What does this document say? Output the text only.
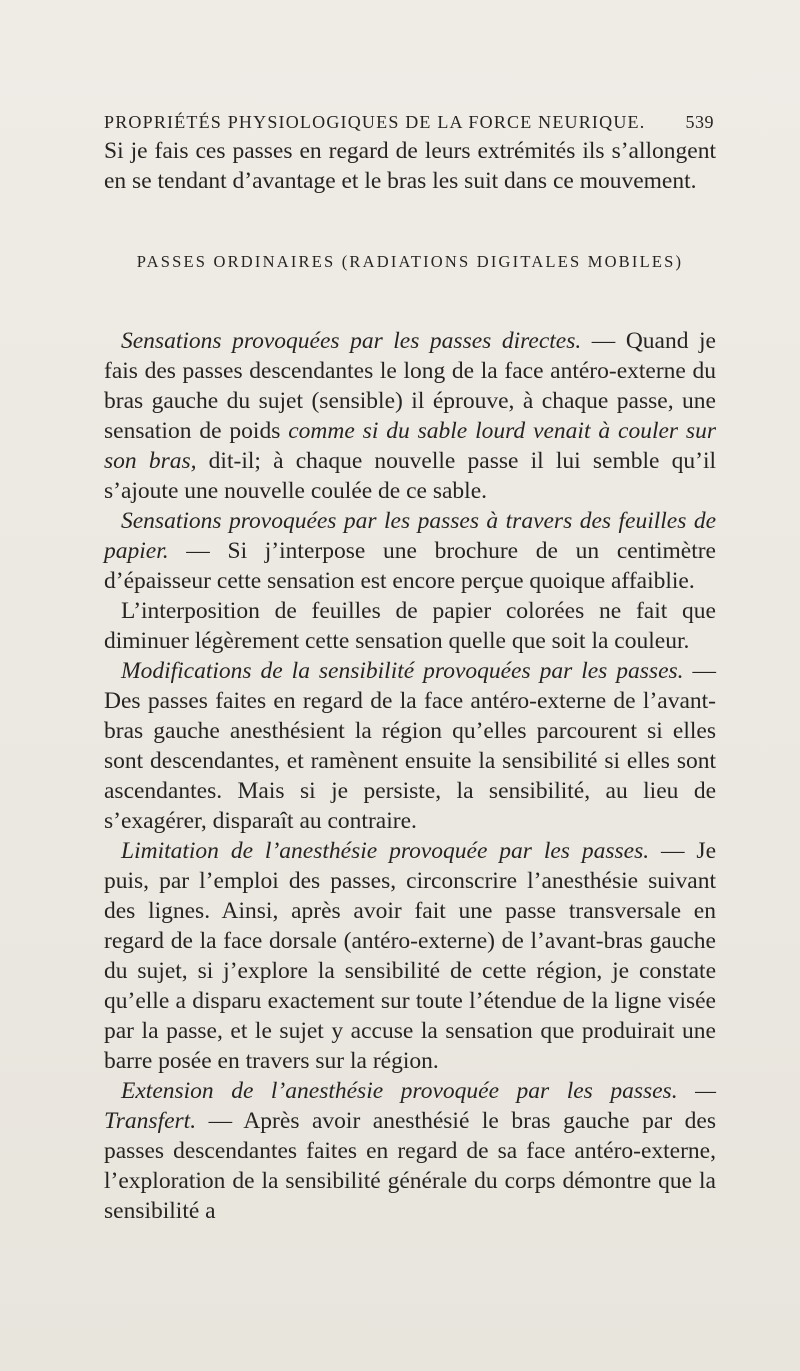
PROPRIÉTÉS PHYSIOLOGIQUES DE LA FORCE NEURIQUE. 539

Si je fais ces passes en regard de leurs extrémités ils s’allongent en se tendant d’avantage et le bras les suit dans ce mouvement.

PASSES ORDINAIRES (RADIATIONS DIGITALES MOBILES)

Sensations provoquées par les passes directes. — Quand je fais des passes descendantes le long de la face antéro-externe du bras gauche du sujet (sensible) il éprouve, à chaque passe, une sensation de poids comme si du sable lourd venait à couler sur son bras, dit-il; à chaque nouvelle passe il lui semble qu’il s’ajoute une nouvelle coulée de ce sable.

Sensations provoquées par les passes à travers des feuilles de papier. — Si j’interpose une brochure de un centimètre d’épaisseur cette sensation est encore perçue quoique affaiblie.

L’interposition de feuilles de papier colorées ne fait que diminuer légèrement cette sensation quelle que soit la couleur.

Modifications de la sensibilité provoquées par les passes. — Des passes faites en regard de la face antéro-externe de l’avant-bras gauche anesthésient la région qu’elles parcourent si elles sont descendantes, et ramènent ensuite la sensibilité si elles sont ascendantes. Mais si je persiste, la sensibilité, au lieu de s’exagérer, disparaît au contraire.

Limitation de l’anesthésie provoquée par les passes. — Je puis, par l’emploi des passes, circonscrire l’anesthésie suivant des lignes. Ainsi, après avoir fait une passe transversale en regard de la face dorsale (antéro-externe) de l’avant-bras gauche du sujet, si j’explore la sensibilité de cette région, je constate qu’elle a disparu exactement sur toute l’étendue de la ligne visée par la passe, et le sujet y accuse la sensation que produirait une barre posée en travers sur la région.

Extension de l’anesthésie provoquée par les passes. — Transfert. — Après avoir anesthésié le bras gauche par des passes descendantes faites en regard de sa face antéro-externe, l’exploration de la sensibilité générale du corps démontre que la sensibilité a
